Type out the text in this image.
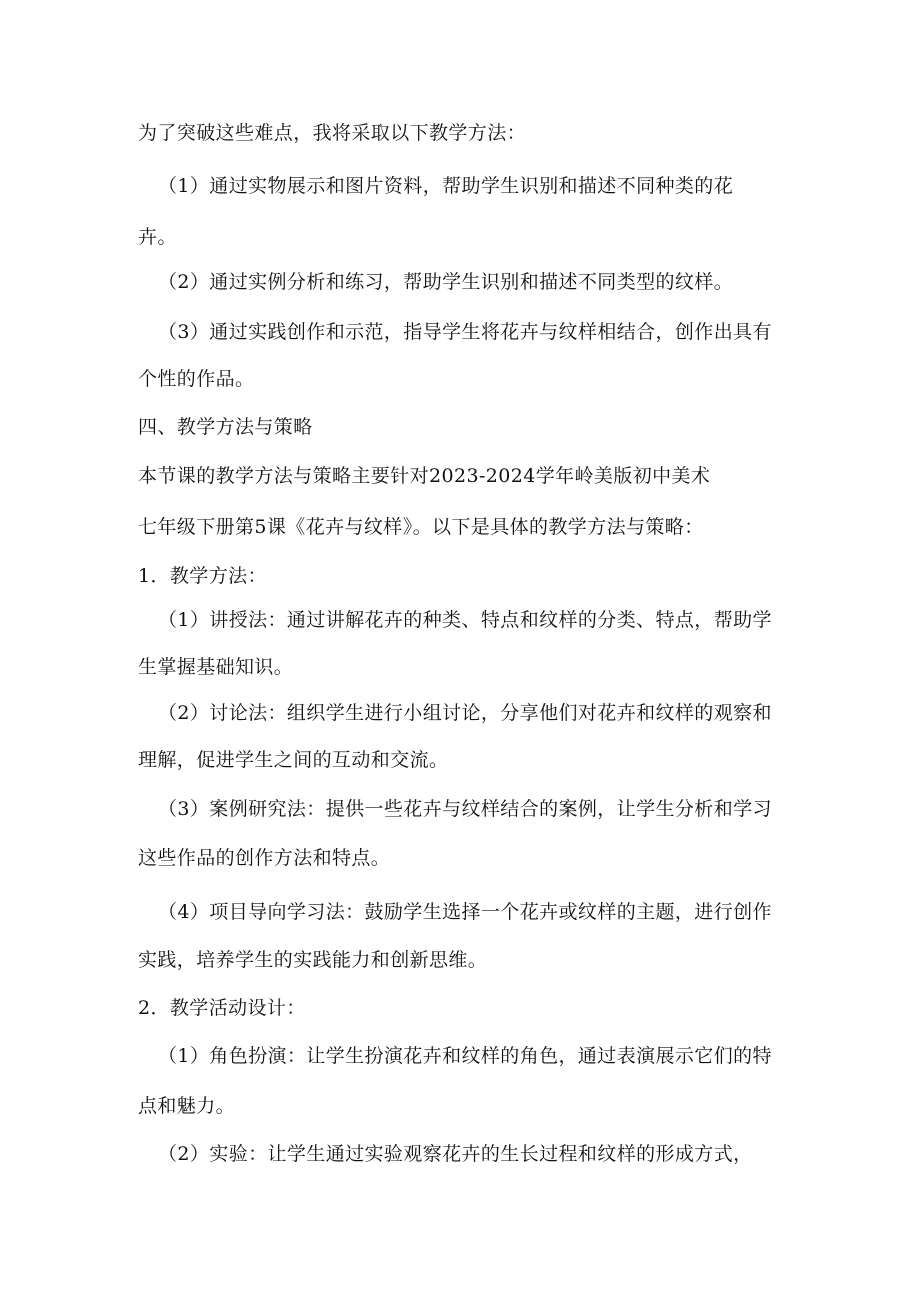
为了突破这些难点，我将采取以下教学方法：
（1）通过实物展示和图片资料，帮助学生识别和描述不同种类的花
卉。
（2）通过实例分析和练习，帮助学生识别和描述不同类型的纹样。
（3）通过实践创作和示范，指导学生将花卉与纹样相结合，创作出具有
个性的作品。
四、教学方法与策略
本节课的教学方法与策略主要针对2023-2024学年岭美版初中美术
七年级下册第5课《花卉与纹样》。以下是具体的教学方法与策略：
1．教学方法：
（1）讲授法：通过讲解花卉的种类、特点和纹样的分类、特点，帮助学
生掌握基础知识。
（2）讨论法：组织学生进行小组讨论，分享他们对花卉和纹样的观察和
理解，促进学生之间的互动和交流。
（3）案例研究法：提供一些花卉与纹样结合的案例，让学生分析和学习
这些作品的创作方法和特点。
（4）项目导向学习法：鼓励学生选择一个花卉或纹样的主题，进行创作
实践，培养学生的实践能力和创新思维。
2．教学活动设计：
（1）角色扮演：让学生扮演花卉和纹样的角色，通过表演展示它们的特
点和魅力。
（2）实验：让学生通过实验观察花卉的生长过程和纹样的形成方式，
